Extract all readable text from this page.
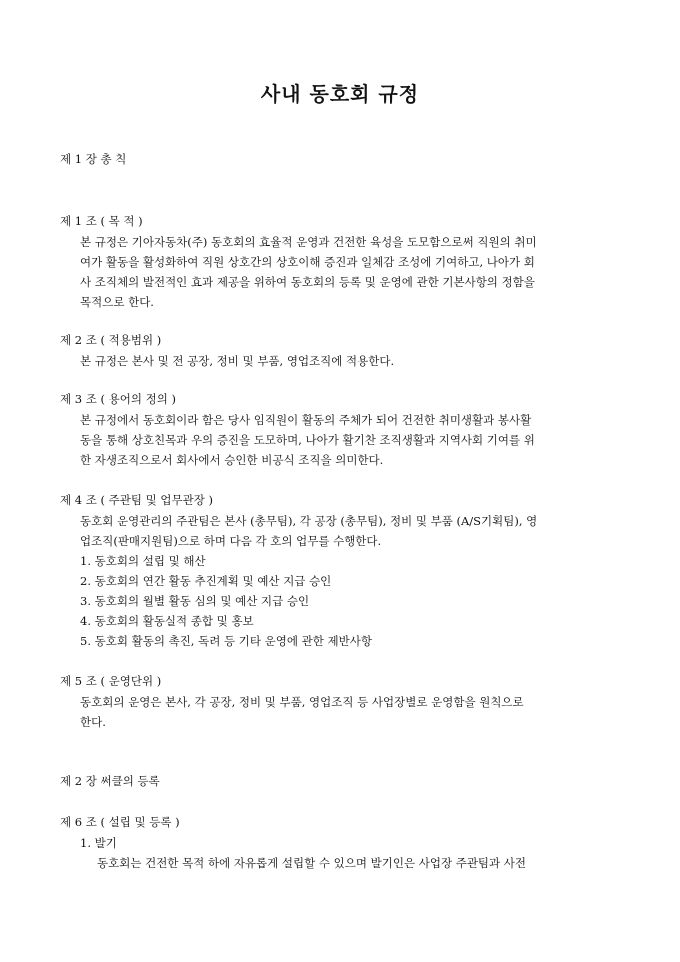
사내 동호회 규정
제 1 장 총 칙
제 1 조 ( 목 적 )
본 규정은 기아자동차(주) 동호회의 효율적 운영과 건전한 육성을 도모함으로써 직원의 취미
여가 활동을 활성화하여 직원 상호간의 상호이해 증진과 일체감 조성에 기여하고, 나아가 회
사 조직체의 발전적인 효과 제공을 위하여 동호회의 등록 및 운영에 관한 기본사항의 정함을
목적으로 한다.
제 2 조 ( 적용범위 )
본 규정은 본사 및 전 공장, 정비 및 부품, 영업조직에 적용한다.
제 3 조 ( 용어의 정의 )
본 규정에서 동호회이라 함은 당사 임직원이 활동의 주체가 되어 건전한 취미생활과 봉사활
동을 통해 상호친목과 우의 증진을 도모하며, 나아가 활기찬 조직생활과 지역사회 기여를 위
한 자생조직으로서 회사에서 승인한 비공식 조직을 의미한다.
제 4 조 ( 주관팀 및 업무관장 )
동호회 운영관리의 주관팀은 본사 (총무팀), 각 공장 (총무팀), 정비 및 부품 (A/S기획팀), 영
업조직(판매지원팀)으로 하며 다음 각 호의 업무를 수행한다.
1. 동호회의 설립 및 해산
2. 동호회의 연간 활동 추진계획 및 예산 지급 승인
3. 동호회의 월별 활동 심의 및 예산 지급 승인
4. 동호회의 활동실적 종합 및 홍보
5. 동호회 활동의 촉진, 독려 등 기타 운영에 관한 제반사항
제 5 조 ( 운영단위 )
동호회의 운영은 본사, 각 공장, 정비 및 부품, 영업조직 등 사업장별로 운영함을 원칙으로
한다.
제 2 장 써클의 등록
제 6 조 ( 설립 및 등록 )
1. 발기
동호회는 건전한 목적 하에 자유롭게 설립할 수 있으며 발기인은 사업장 주관팀과 사전
